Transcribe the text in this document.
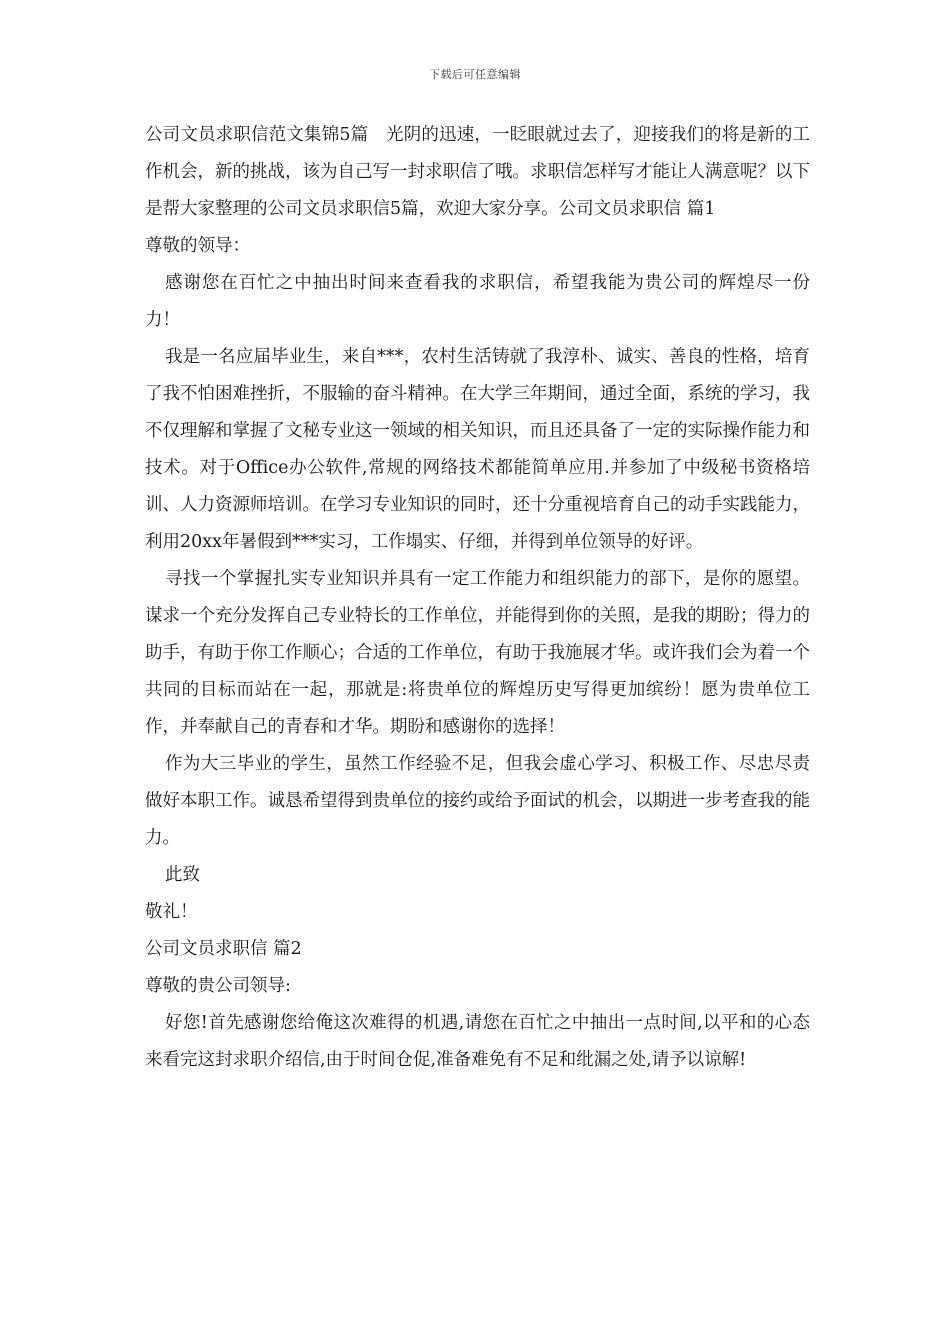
下载后可任意编辑

公司文员求职信范文集锦5篇　光阴的迅速，一眨眼就过去了，迎接我们的将是新的工作机会，新的挑战，该为自己写一封求职信了哦。求职信怎样写才能让人满意呢？以下是帮大家整理的公司文员求职信5篇，欢迎大家分享。公司文员求职信 篇1

尊敬的领导：

感谢您在百忙之中抽出时间来查看我的求职信，希望我能为贵公司的辉煌尽一份力！

我是一名应届毕业生，来自***，农村生活铸就了我淳朴、诚实、善良的性格，培育了我不怕困难挫折，不服输的奋斗精神。在大学三年期间，通过全面，系统的学习，我不仅理解和掌握了文秘专业这一领域的相关知识，而且还具备了一定的实际操作能力和技术。对于Office办公软件,常规的网络技术都能简单应用.并参加了中级秘书资格培训、人力资源师培训。在学习专业知识的同时，还十分重视培育自己的动手实践能力，利用20xx年暑假到***实习，工作塌实、仔细，并得到单位领导的好评。

寻找一个掌握扎实专业知识并具有一定工作能力和组织能力的部下，是你的愿望。谋求一个充分发挥自己专业特长的工作单位，并能得到你的关照，是我的期盼；得力的助手，有助于你工作顺心；合适的工作单位，有助于我施展才华。或许我们会为着一个共同的目标而站在一起，那就是:将贵单位的辉煌历史写得更加缤纷！愿为贵单位工作，并奉献自己的青春和才华。期盼和感谢你的选择！

作为大三毕业的学生，虽然工作经验不足，但我会虚心学习、积极工作、尽忠尽责做好本职工作。诚恳希望得到贵单位的接约或给予面试的机会，以期进一步考查我的能力。

此致

敬礼！

公司文员求职信 篇2

尊敬的贵公司领导:

好您!首先感谢您给俺这次难得的机遇,请您在百忙之中抽出一点时间,以平和的心态来看完这封求职介绍信,由于时间仓促,准备难免有不足和纰漏之处,请予以谅解!
